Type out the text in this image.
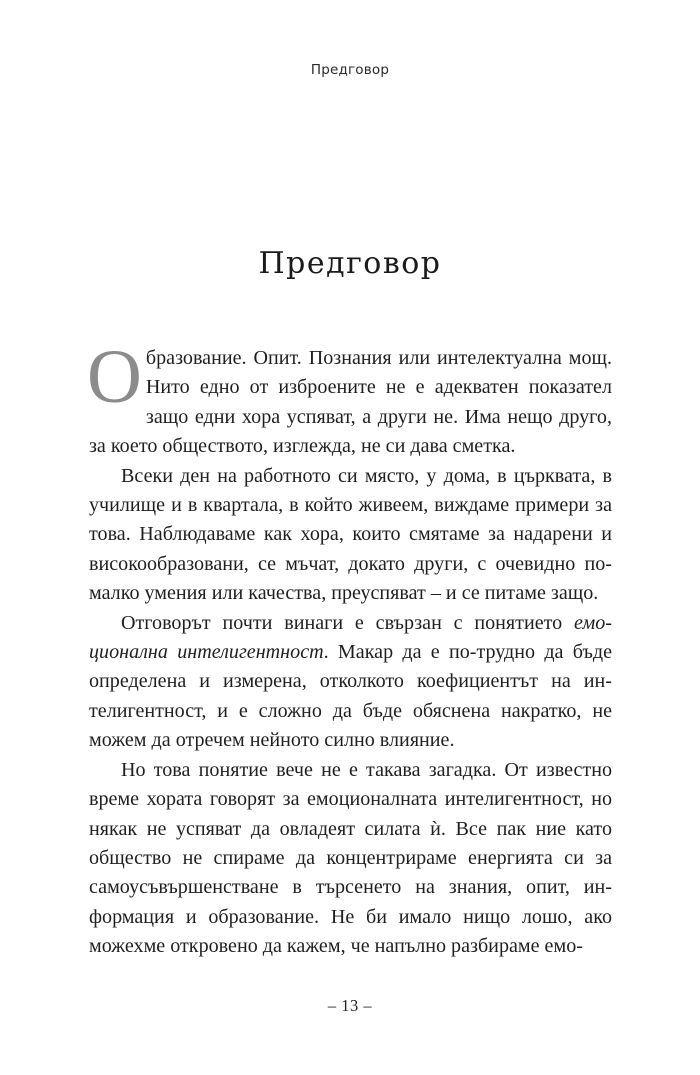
Предговор
Предговор

Образование. Опит. Познания или интелектуална мощ. Нито едно от изброените не е адекватен показател защо едни хора успяват, а други не. Има нещо друго, за което обществото, изглежда, не си дава сметка.

Всеки ден на работното си място, у дома, в църквата, в училище и в квартала, в който живеем, виждаме примери за това. Наблюдаваме как хора, които смятаме за надарени и високообразовани, се мъчат, докато други, с очевидно по-малко умения или качества, преуспяват – и се питаме защо.

Отговорът почти винаги е свързан с понятието емоционална интелигентност. Макар да е по-трудно да бъде определена и измерена, отколкото коефициентът на интелигентност, и е сложно да бъде обяснена накратко, не можем да отречем нейното силно влияние.

Но това понятие вече не е такава загадка. От известно време хората говорят за емоционалната интелигентност, но някак не успяват да овладеят силата ѝ. Все пак ние като общество не спираме да концентрираме енергията си за самоусъвършенстване в търсенето на знания, опит, информация и образование. Не би имало нищо лошо, ако можехме откровено да кажем, че напълно разбираме емо-

– 13 –
